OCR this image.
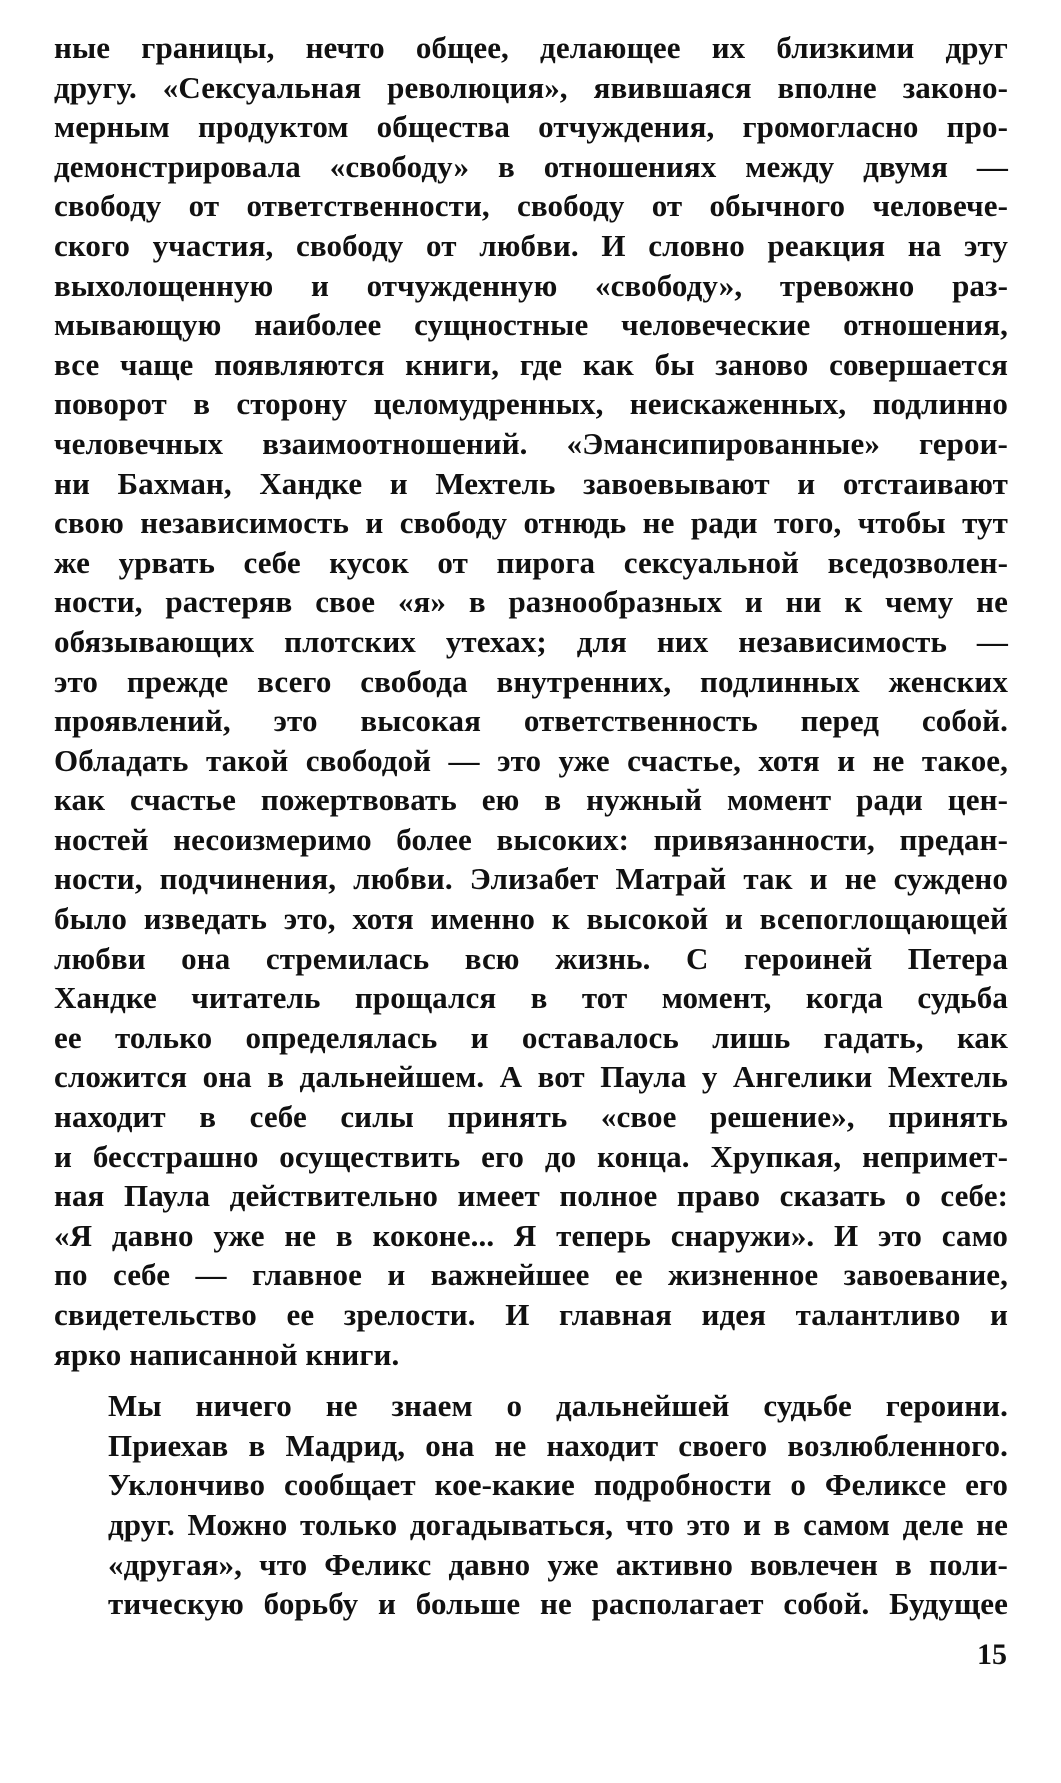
ные границы, нечто общее, делающее их близкими друг
другу. «Сексуальная революция», явившаяся вполне законо-
мерным продуктом общества отчуждения, громогласно про-
демонстрировала «свободу» в отношениях между двумя —
свободу от ответственности, свободу от обычного человече-
ского участия, свободу от любви. И словно реакция на эту
выхолощенную и отчужденную «свободу», тревожно раз-
мывающую наиболее сущностные человеческие отношения,
все чаще появляются книги, где как бы заново совершается
поворот в сторону целомудренных, неискаженных, подлинно
человечных взаимоотношений. «Эмансипированные» герои-
ни Бахман, Хандке и Мехтель завоевывают и отстаивают
свою независимость и свободу отнюдь не ради того, чтобы тут
же урвать себе кусок от пирога сексуальной вседозволен-
ности, растеряв свое «я» в разнообразных и ни к чему не
обязывающих плотских утехах; для них независимость —
это прежде всего свобода внутренних, подлинных женских
проявлений, это высокая ответственность перед собой.
Обладать такой свободой — это уже счастье, хотя и не такое,
как счастье пожертвовать ею в нужный момент ради цен-
ностей несоизмеримо более высоких: привязанности, предан-
ности, подчинения, любви. Элизабет Матрай так и не суждено
было изведать это, хотя именно к высокой и всепоглощающей
любви она стремилась всю жизнь. С героиней Петера
Хандке читатель прощался в тот момент, когда судьба
ее только определялась и оставалось лишь гадать, как
сложится она в дальнейшем. А вот Паула у Ангелики Мехтель
находит в себе силы принять «свое решение», принять
и бесстрашно осуществить его до конца. Хрупкая, непримет-
ная Паула действительно имеет полное право сказать о себе:
«Я давно уже не в коконе... Я теперь снаружи». И это само
по себе — главное и важнейшее ее жизненное завоевание,
свидетельство ее зрелости. И главная идея талантливо и
ярко написанной книги.
Мы ничего не знаем о дальнейшей судьбе героини.
Приехав в Мадрид, она не находит своего возлюбленного.
Уклончиво сообщает кое-какие подробности о Феликсе его
друг. Можно только догадываться, что это и в самом деле не
«другая», что Феликс давно уже активно вовлечен в поли-
тическую борьбу и больше не располагает собой. Будущее
15
